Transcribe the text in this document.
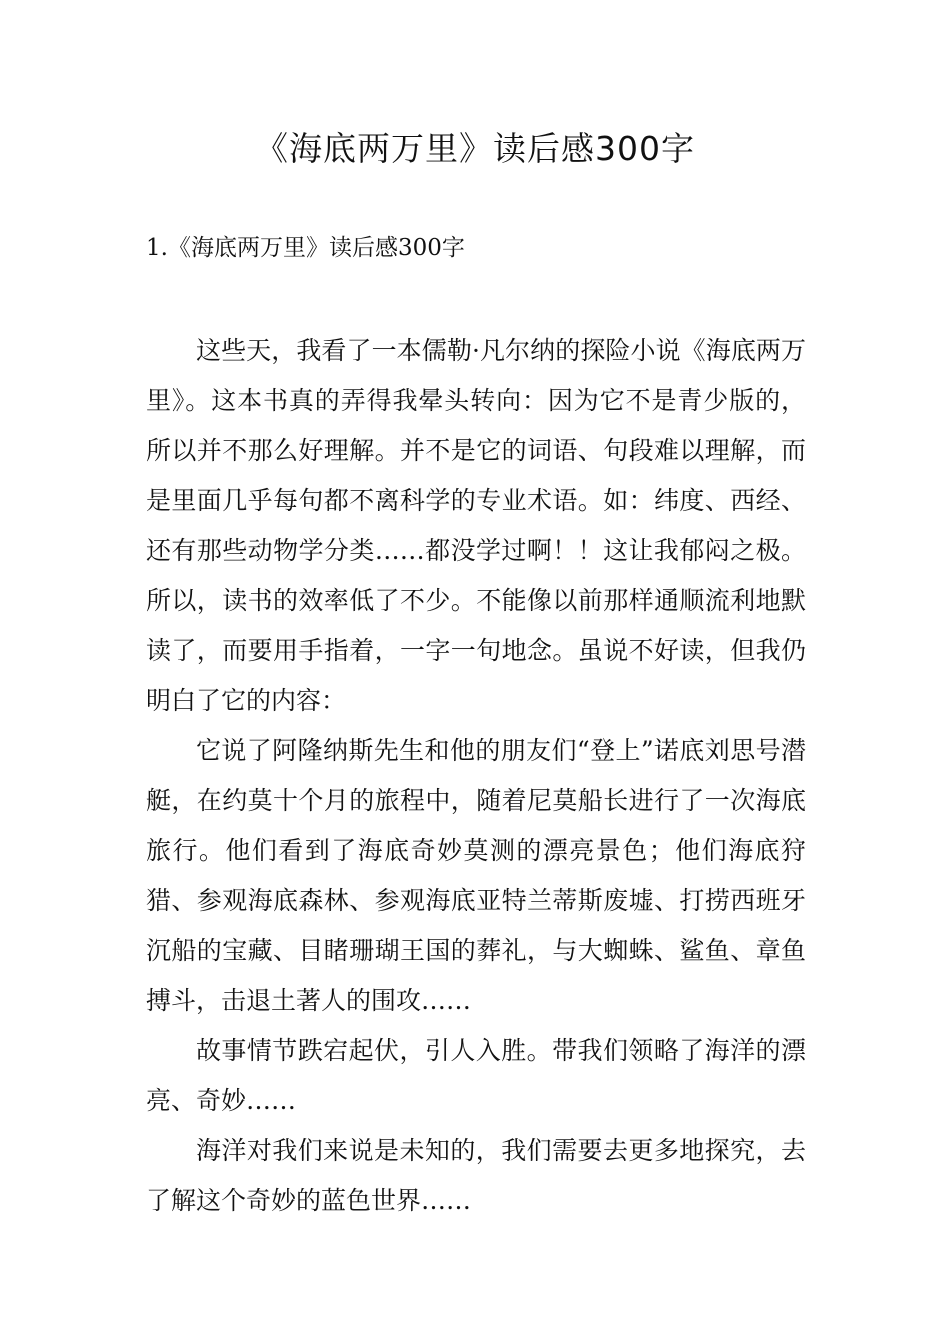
《海底两万里》读后感300字
1.《海底两万里》读后感300字

这些天，我看了一本儒勒·凡尔纳的探险小说《海底两万里》。这本书真的弄得我晕头转向：因为它不是青少版的，所以并不那么好理解。并不是它的词语、句段难以理解，而是里面几乎每句都不离科学的专业术语。如：纬度、西经、还有那些动物学分类……都没学过啊！！这让我郁闷之极。所以，读书的效率低了不少。不能像以前那样通顺流利地默读了，而要用手指着，一字一句地念。虽说不好读，但我仍明白了它的内容：

它说了阿隆纳斯先生和他的朋友们“登上”诺底刘思号潜艇，在约莫十个月的旅程中，随着尼莫船长进行了一次海底旅行。他们看到了海底奇妙莫测的漂亮景色；他们海底狩猎、参观海底森林、参观海底亚特兰蒂斯废墟、打捞西班牙沉船的宝藏、目睹珊瑚王国的葬礼，与大蜘蛛、鲨鱼、章鱼搏斗，击退土著人的围攻……

故事情节跌宕起伏，引人入胜。带我们领略了海洋的漂亮、奇妙……

海洋对我们来说是未知的，我们需要去更多地探究，去了解这个奇妙的蓝色世界……
